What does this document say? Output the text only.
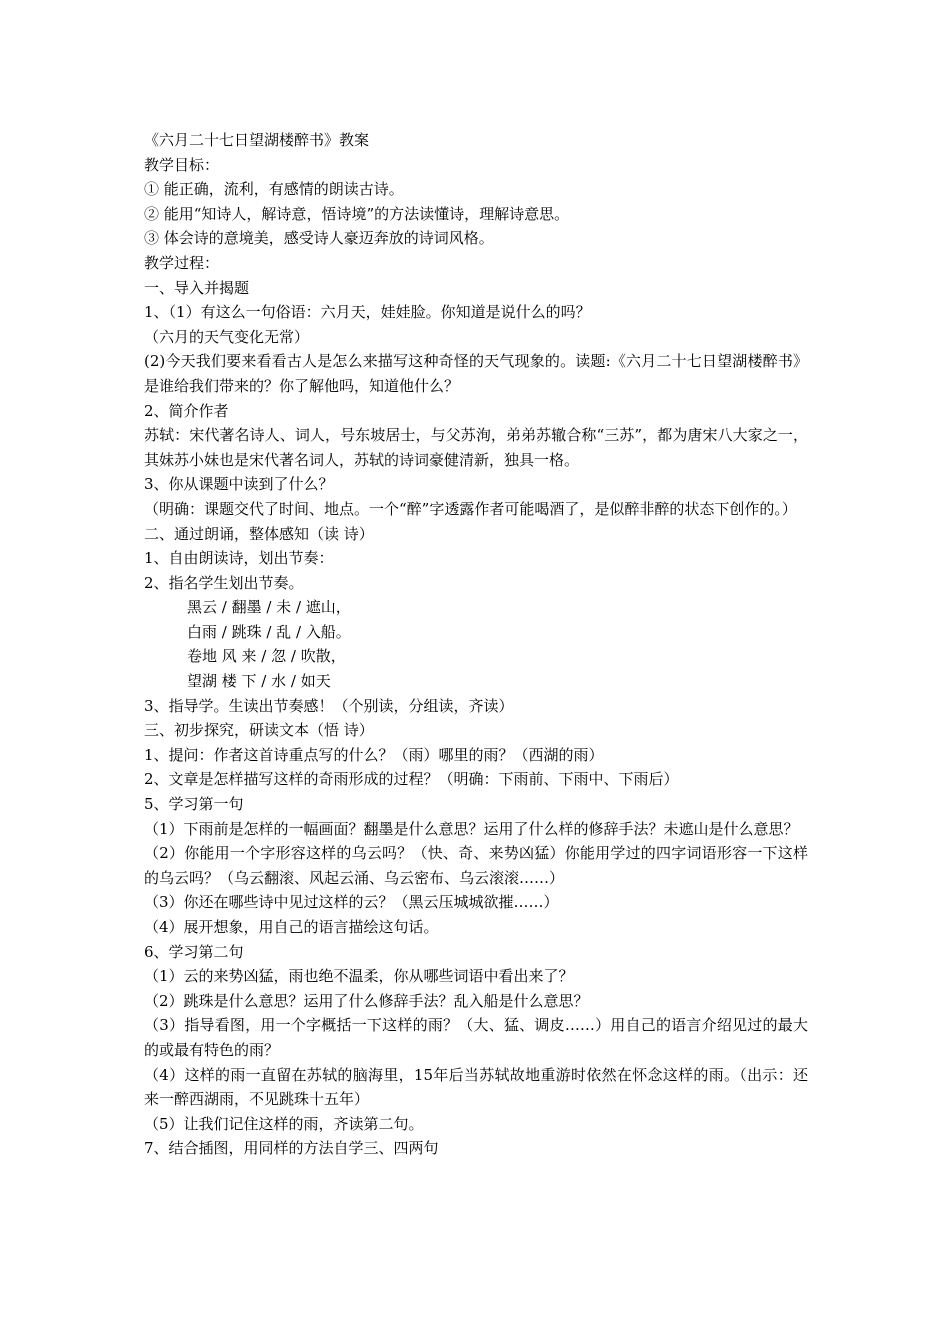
《六月二十七日望湖楼醉书》教案
教学目标：
① 能正确，流利，有感情的朗读古诗。
② 能用“知诗人，解诗意，悟诗境”的方法读懂诗，理解诗意思。
③ 体会诗的意境美，感受诗人豪迈奔放的诗词风格。
教学过程：
一、导入并揭题
1、（1）有这么一句俗语：六月天，娃娃脸。你知道是说什么的吗？
（六月的天气变化无常）
(2)今天我们要来看看古人是怎么来描写这种奇怪的天气现象的。读题:《六月二十七日望湖楼醉书》是谁给我们带来的？你了解他吗，知道他什么？
2、简介作者
苏轼：宋代著名诗人、词人，号东坡居士，与父苏洵，弟弟苏辙合称“三苏”，都为唐宋八大家之一，其妹苏小妹也是宋代著名词人，苏轼的诗词豪健清新，独具一格。
3、你从课题中读到了什么？
（明确：课题交代了时间、地点。一个“醉”字透露作者可能喝酒了，是似醉非醉的状态下创作的。）
二、通过朗诵，整体感知（读 诗）
1、自由朗读诗，划出节奏：
2、指名学生划出节奏。
黑云 / 翻墨 / 未 / 遮山，
白雨 / 跳珠 / 乱 / 入船。
卷地 风 来 / 忽 / 吹散，
望湖 楼 下 / 水 / 如天
3、指导学。生读出节奏感！（个别读，分组读，齐读）
三、初步探究，研读文本（悟 诗）
1、提问：作者这首诗重点写的什么？（雨）哪里的雨？（西湖的雨）
2、文章是怎样描写这样的奇雨形成的过程？（明确：下雨前、下雨中、下雨后）
5、学习第一句
（1）下雨前是怎样的一幅画面？翻墨是什么意思？运用了什么样的修辞手法？未遮山是什么意思？
（2）你能用一个字形容这样的乌云吗？（快、奇、来势凶猛）你能用学过的四字词语形容一下这样的乌云吗？（乌云翻滚、风起云涌、乌云密布、乌云滚滚……）
（3）你还在哪些诗中见过这样的云？（黑云压城城欲摧……）
（4）展开想象，用自己的语言描绘这句话。
6、学习第二句
（1）云的来势凶猛，雨也绝不温柔，你从哪些词语中看出来了？
（2）跳珠是什么意思？运用了什么修辞手法？乱入船是什么意思？
（3）指导看图，用一个字概括一下这样的雨？（大、猛、调皮……）用自己的语言介绍见过的最大的或最有特色的雨？
（4）这样的雨一直留在苏轼的脑海里，15年后当苏轼故地重游时依然在怀念这样的雨。（出示：还来一醉西湖雨，不见跳珠十五年）
（5）让我们记住这样的雨，齐读第二句。
7、结合插图，用同样的方法自学三、四两句
